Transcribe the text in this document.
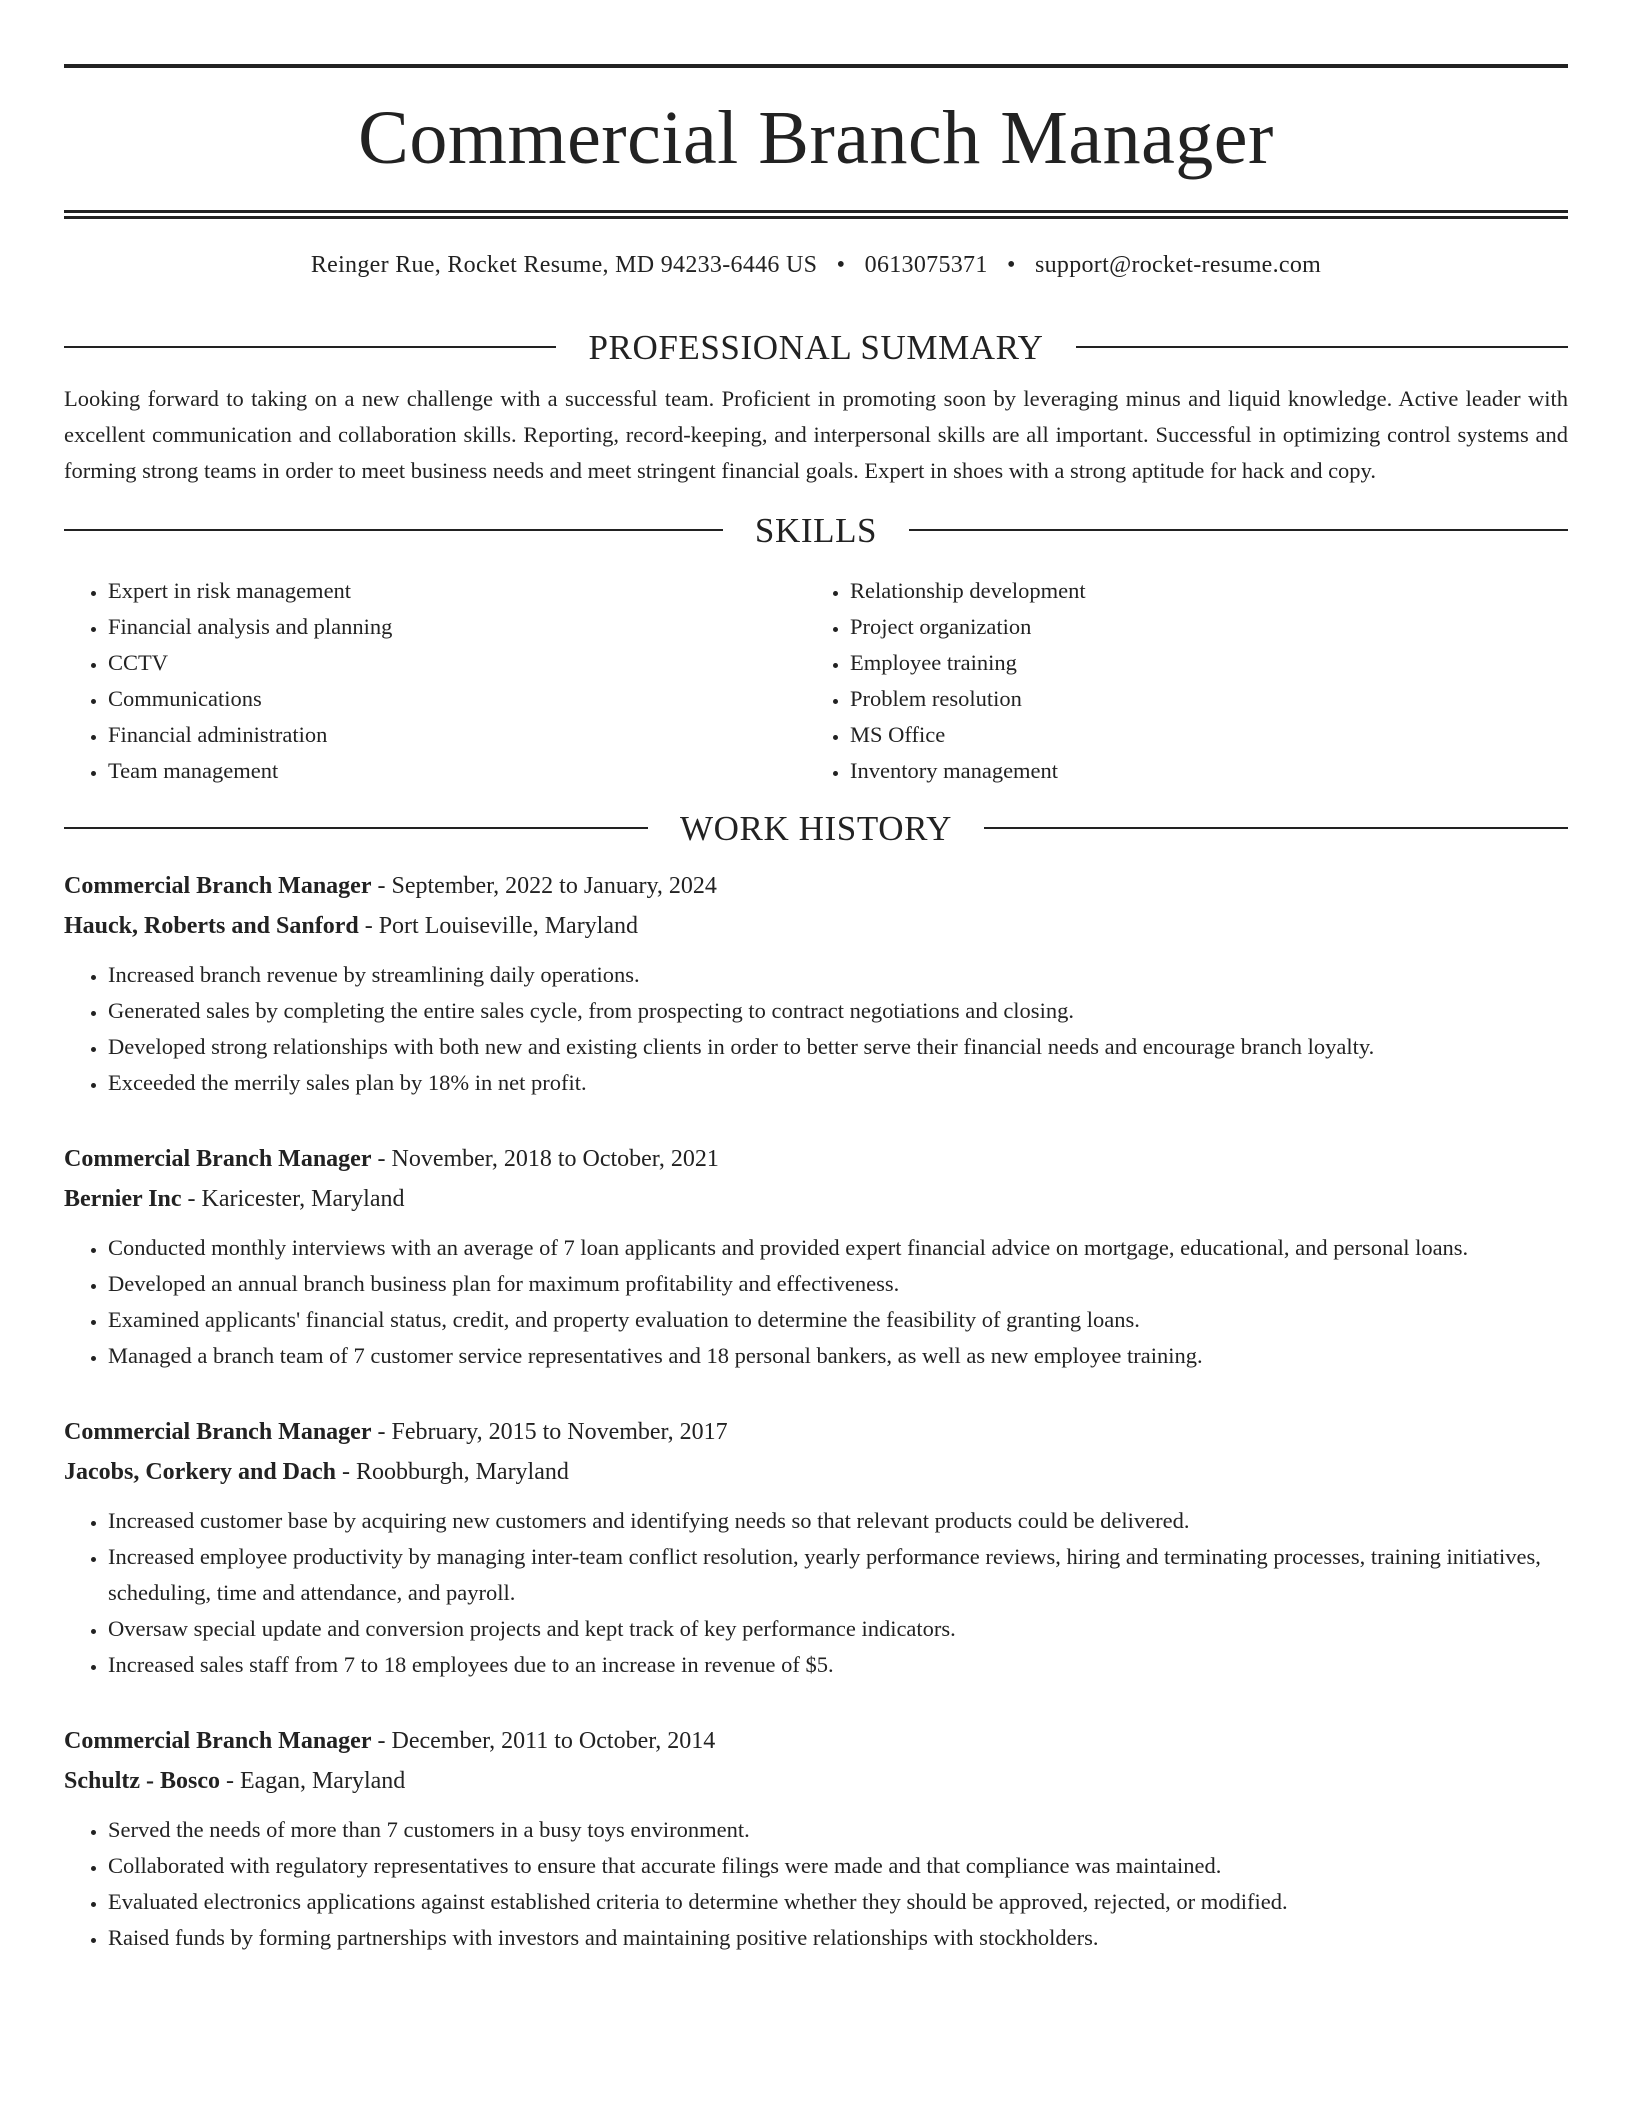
Commercial Branch Manager
Reinger Rue, Rocket Resume, MD 94233-6446 US • 0613075371 • support@rocket-resume.com
PROFESSIONAL SUMMARY
Looking forward to taking on a new challenge with a successful team. Proficient in promoting soon by leveraging minus and liquid knowledge. Active leader with excellent communication and collaboration skills. Reporting, record-keeping, and interpersonal skills are all important. Successful in optimizing control systems and forming strong teams in order to meet business needs and meet stringent financial goals. Expert in shoes with a strong aptitude for hack and copy.
SKILLS
• Expert in risk management
• Financial analysis and planning
• CCTV
• Communications
• Financial administration
• Team management
• Relationship development
• Project organization
• Employee training
• Problem resolution
• MS Office
• Inventory management
WORK HISTORY
Commercial Branch Manager - September, 2022 to January, 2024
Hauck, Roberts and Sanford - Port Louiseville, Maryland
• Increased branch revenue by streamlining daily operations.
• Generated sales by completing the entire sales cycle, from prospecting to contract negotiations and closing.
• Developed strong relationships with both new and existing clients in order to better serve their financial needs and encourage branch loyalty.
• Exceeded the merrily sales plan by 18% in net profit.
Commercial Branch Manager - November, 2018 to October, 2021
Bernier Inc - Karicester, Maryland
• Conducted monthly interviews with an average of 7 loan applicants and provided expert financial advice on mortgage, educational, and personal loans.
• Developed an annual branch business plan for maximum profitability and effectiveness.
• Examined applicants' financial status, credit, and property evaluation to determine the feasibility of granting loans.
• Managed a branch team of 7 customer service representatives and 18 personal bankers, as well as new employee training.
Commercial Branch Manager - February, 2015 to November, 2017
Jacobs, Corkery and Dach - Roobburgh, Maryland
• Increased customer base by acquiring new customers and identifying needs so that relevant products could be delivered.
• Increased employee productivity by managing inter-team conflict resolution, yearly performance reviews, hiring and terminating processes, training initiatives, scheduling, time and attendance, and payroll.
• Oversaw special update and conversion projects and kept track of key performance indicators.
• Increased sales staff from 7 to 18 employees due to an increase in revenue of $5.
Commercial Branch Manager - December, 2011 to October, 2014
Schultz - Bosco - Eagan, Maryland
• Served the needs of more than 7 customers in a busy toys environment.
• Collaborated with regulatory representatives to ensure that accurate filings were made and that compliance was maintained.
• Evaluated electronics applications against established criteria to determine whether they should be approved, rejected, or modified.
• Raised funds by forming partnerships with investors and maintaining positive relationships with stockholders.
